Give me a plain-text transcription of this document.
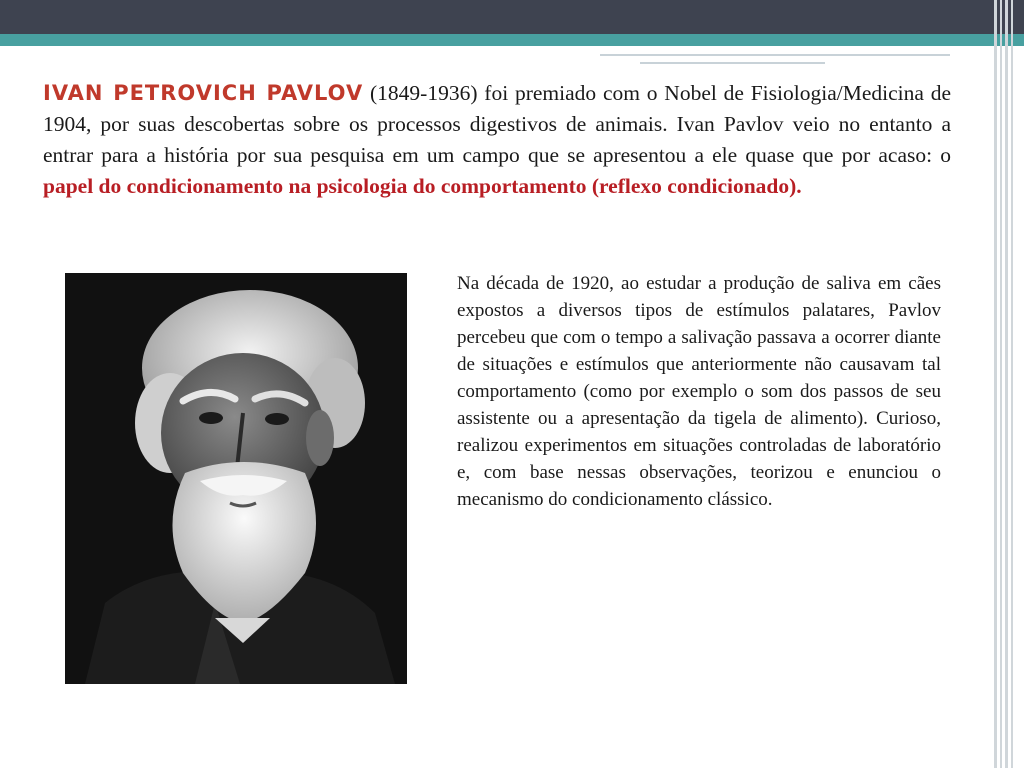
IVAN PETROVICH PAVLOV (1849-1936) foi premiado com o Nobel de Fisiologia/Medicina de 1904, por suas descobertas sobre os processos digestivos de animais. Ivan Pavlov veio no entanto a entrar para a história por sua pesquisa em um campo que se apresentou a ele quase que por acaso: o papel do condicionamento na psicologia do comportamento (reflexo condicionado).

Na década de 1920, ao estudar a produção de saliva em cães expostos a diversos tipos de estímulos palatares, Pavlov percebeu que com o tempo a salivação passava a ocorrer diante de situações e estímulos que anteriormente não causavam tal comportamento (como por exemplo o som dos passos de seu assistente ou a apresentação da tigela de alimento). Curioso, realizou experimentos em situações controladas de laboratório e, com base nessas observações, teorizou e enunciou o mecanismo do condicionamento clássico.
